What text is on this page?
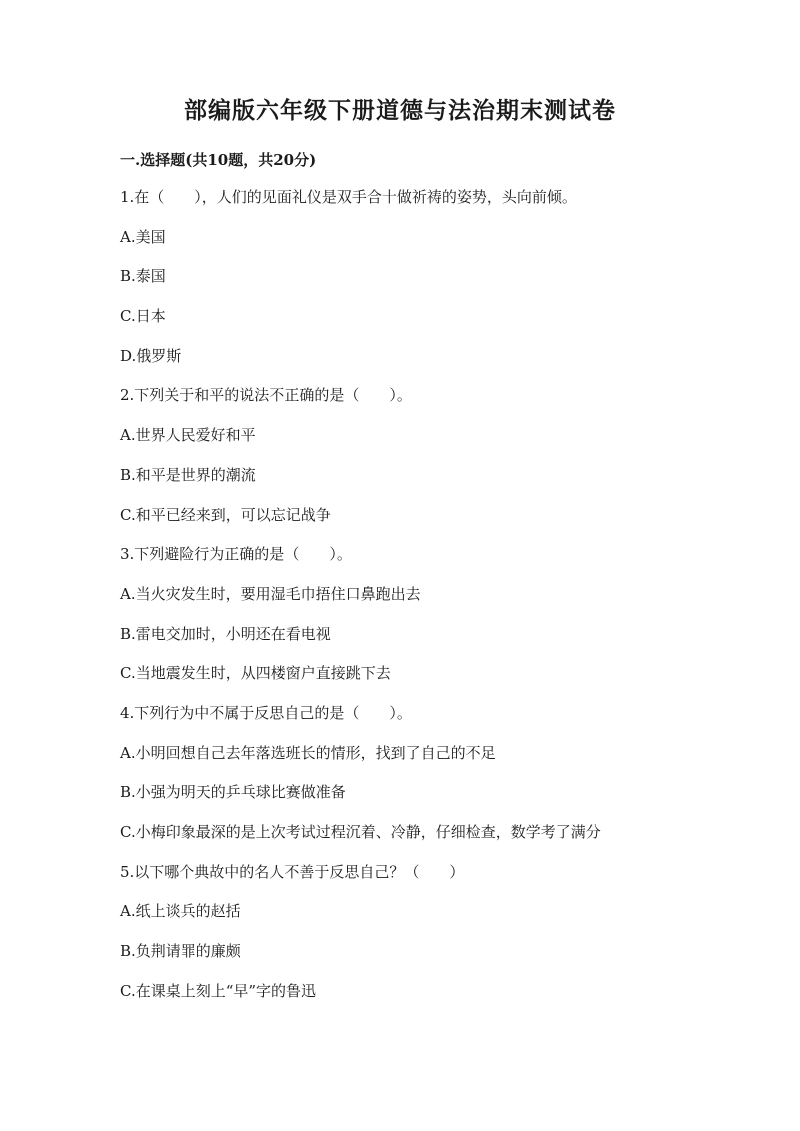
部编版六年级下册道德与法治期末测试卷
一.选择题(共10题，共20分)
1.在（　　），人们的见面礼仪是双手合十做祈祷的姿势，头向前倾。
A.美国
B.泰国
C.日本
D.俄罗斯
2.下列关于和平的说法不正确的是（　　）。
A.世界人民爱好和平
B.和平是世界的潮流
C.和平已经来到，可以忘记战争
3.下列避险行为正确的是（　　）。
A.当火灾发生时，要用湿毛巾捂住口鼻跑出去
B.雷电交加时，小明还在看电视
C.当地震发生时，从四楼窗户直接跳下去
4.下列行为中不属于反思自己的是（　　）。
A.小明回想自己去年落选班长的情形，找到了自己的不足
B.小强为明天的乒乓球比赛做准备
C.小梅印象最深的是上次考试过程沉着、冷静，仔细检查，数学考了满分
5.以下哪个典故中的名人不善于反思自己？（　　）
A.纸上谈兵的赵括
B.负荆请罪的廉颇
C.在课桌上刻上“早”字的鲁迅
